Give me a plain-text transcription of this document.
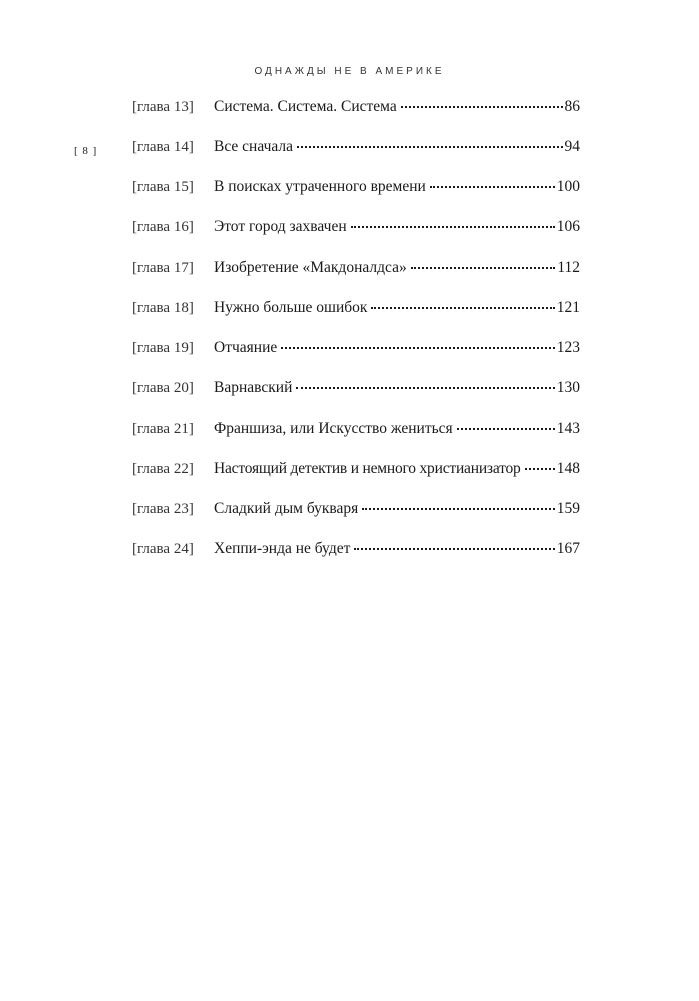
ОДНАЖДЫ НЕ В АМЕРИКЕ
[ 8 ]
[глава 13]	Система. Система. Система	86
[глава 14]	Все сначала	94
[глава 15]	В поисках утраченного времени	100
[глава 16]	Этот город захвачен	106
[глава 17]	Изобретение «Макдоналдса»	112
[глава 18]	Нужно больше ошибок	121
[глава 19]	Отчаяние	123
[глава 20]	Варнавский	130
[глава 21]	Франшиза, или Искусство жениться	143
[глава 22]	Настоящий детектив и немного христианизатор 148
[глава 23]	Сладкий дым букваря	159
[глава 24]	Хеппи-энда не будет	167
